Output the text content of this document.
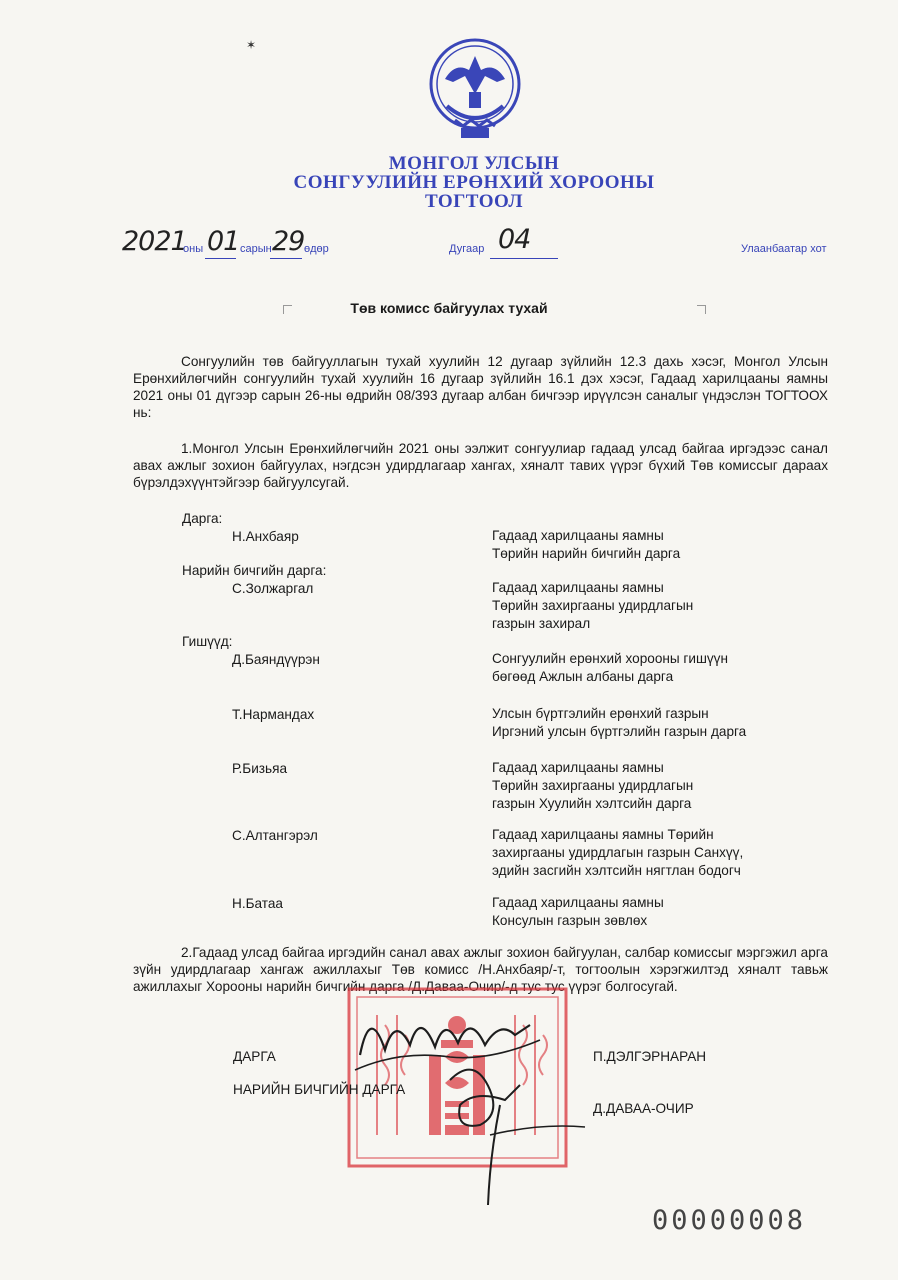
✶
МОНГОЛ УЛСЫН
СОНГУУЛИЙН ЕРӨНХИЙ ХОРООНЫ
ТОГТООЛ
2021
оны 01 сарын 29 өдөр	Дугаар 04	Улаанбаатар хот
Төв комисс байгуулах тухай
Сонгуулийн төв байгууллагын тухай хуулийн 12 дугаар зүйлийн 12.3 дахь хэсэг, Монгол Улсын Ерөнхийлөгчийн сонгуулийн тухай хуулийн 16 дугаар зүйлийн 16.1 дэх хэсэг, Гадаад харилцааны яамны 2021 оны 01 дүгээр сарын 26-ны өдрийн 08/393 дугаар албан бичгээр ирүүлсэн саналыг үндэслэн ТОГТООХ нь:
1.Монгол Улсын Ерөнхийлөгчийн 2021 оны ээлжит сонгуулиар гадаад улсад байгаа иргэдээс санал авах ажлыг зохион байгуулах, нэгдсэн удирдлагаар хангах, хяналт тавих үүрэг бүхий Төв комиссыг дараах бүрэлдэхүүнтэйгээр байгуулсугай.
Дарга:
Н.Анхбаяр	Гадаад харилцааны яамны
Төрийн нарийн бичгийн дарга
Нарийн бичгийн дарга:
С.Золжаргал	Гадаад харилцааны яамны
Төрийн захиргааны удирдлагын
газрын захирал
Гишүүд:
Д.Баяндүүрэн	Сонгуулийн ерөнхий хорооны гишүүн
бөгөөд Ажлын албаны дарга
Т.Нармандах	Улсын бүртгэлийн ерөнхий газрын
Иргэний улсын бүртгэлийн газрын дарга
Р.Бизьяа	Гадаад харилцааны яамны
Төрийн захиргааны удирдлагын
газрын Хуулийн хэлтсийн дарга
С.Алтангэрэл	Гадаад харилцааны яамны Төрийн
захиргааны удирдлагын газрын Санхүү,
эдийн засгийн хэлтсийн нягтлан бодогч
Н.Батаа	Гадаад харилцааны яамны
Консулын газрын зөвлөх
2.Гадаад улсад байгаа иргэдийн санал авах ажлыг зохион байгуулан, салбар комиссыг мэргэжил арга зүйн удирдлагаар хангаж ажиллахыг Төв комисс /Н.Анхбаяр/-т, тогтоолын хэрэгжилтэд хяналт тавьж ажиллахыг Хорооны нарийн бичгийн дарга /Д.Даваа-Очир/-д тус тус үүрэг болгосугай.
ДАРГА	П.ДЭЛГЭРНАРАН
НАРИЙН БИЧГИЙН ДАРГА
Д.ДАВАА-ОЧИР
00000008
